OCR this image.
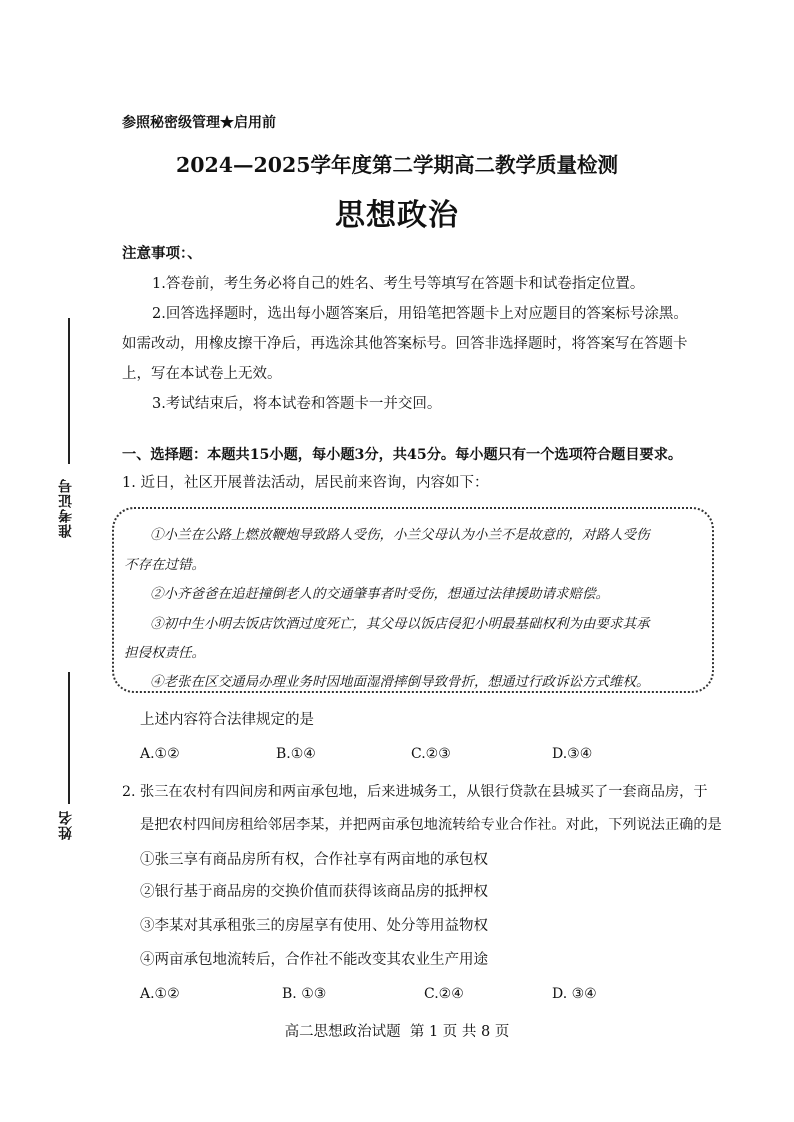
准考证号
姓名
参照秘密级管理★启用前
2024—2025学年度第二学期高二教学质量检测
思想政治
注意事项：、
1.答卷前，考生务必将自己的姓名、考生号等填写在答题卡和试卷指定位置。
2.回答选择题时，选出每小题答案后，用铅笔把答题卡上对应题目的答案标号涂黑。
如需改动，用橡皮擦干净后，再选涂其他答案标号。回答非选择题时，将答案写在答题卡
上，写在本试卷上无效。
3.考试结束后，将本试卷和答题卡一并交回。
一、选择题：本题共15小题，每小题3分，共45分。每小题只有一个选项符合题目要求。
1. 近日，社区开展普法活动，居民前来咨询，内容如下：
①小兰在公路上燃放鞭炮导致路人受伤，小兰父母认为小兰不是故意的，对路人受伤
不存在过错。
②小齐爸爸在追赶撞倒老人的交通肇事者时受伤，想通过法律援助请求赔偿。
③初中生小明去饭店饮酒过度死亡，其父母以饭店侵犯小明最基础权利为由要求其承
担侵权责任。
④老张在区交通局办理业务时因地面湿滑摔倒导致骨折，想通过行政诉讼方式维权。
上述内容符合法律规定的是
A.①②	B.①④	C.②③	D.③④
2. 张三在农村有四间房和两亩承包地，后来进城务工，从银行贷款在县城买了一套商品房，于
是把农村四间房租给邻居李某，并把两亩承包地流转给专业合作社。对此，下列说法正确的是
①张三享有商品房所有权，合作社享有两亩地的承包权
②银行基于商品房的交换价值而获得该商品房的抵押权
③李某对其承租张三的房屋享有使用、处分等用益物权
④两亩承包地流转后，合作社不能改变其农业生产用途
A.①②	B. ①③	C.②④	D. ③④
高二思想政治试题  第 1 页 共 8 页
